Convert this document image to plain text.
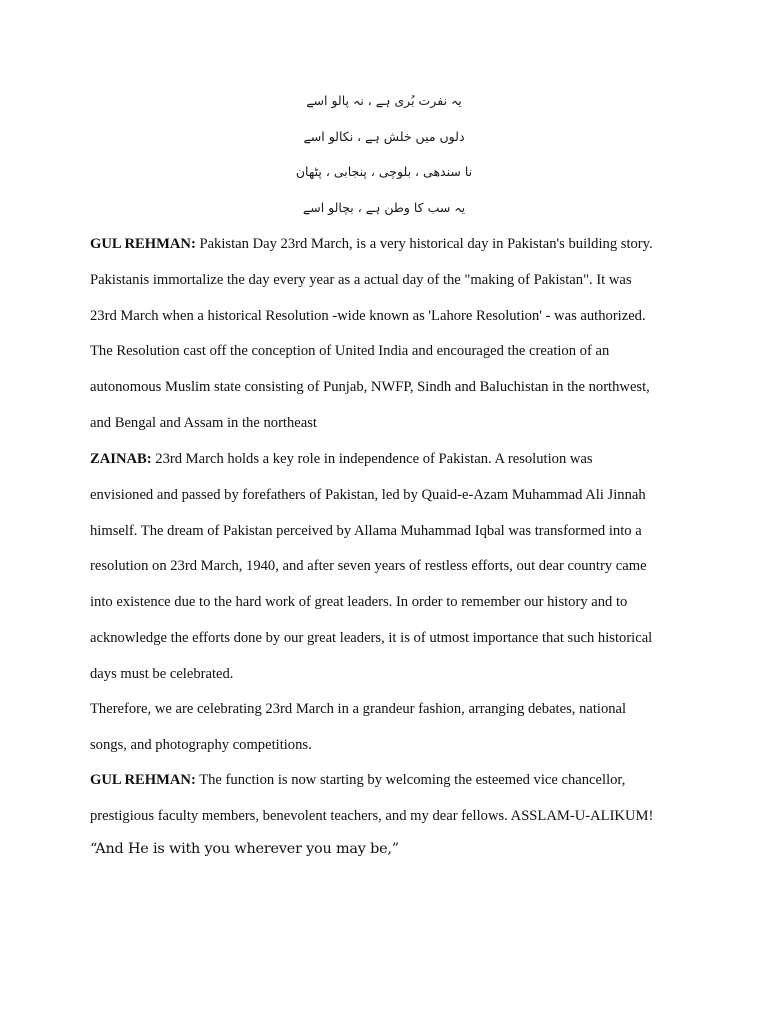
یہ نفرت بُری ہے ، نہ پالو اسے
دلوں میں خلش ہے ، نکالو اسے
نا سندھی ، بلوچی ، پنجابی ، پٹھان
یہ سب کا وطن ہے ، بچالو اسے
GUL REHMAN: Pakistan Day 23rd March, is a very historical day in Pakistan's building story.
Pakistanis immortalize the day every year as a actual day of the "making of Pakistan". It was
23rd March when a historical Resolution -wide known as 'Lahore Resolution' - was authorized.
The Resolution cast off the conception of United India and encouraged the creation of an
autonomous Muslim state consisting of Punjab, NWFP, Sindh and Baluchistan in the northwest,
and Bengal and Assam in the northeast
ZAINAB: 23rd March holds a key role in independence of Pakistan. A resolution was
envisioned and passed by forefathers of Pakistan, led by Quaid-e-Azam Muhammad Ali Jinnah
himself. The dream of Pakistan perceived by Allama Muhammad Iqbal was transformed into a
resolution on 23rd March, 1940, and after seven years of restless efforts, out dear country came
into existence due to the hard work of great leaders. In order to remember our history and to
acknowledge the efforts done by our great leaders, it is of utmost importance that such historical
days must be celebrated.
Therefore, we are celebrating 23rd March in a grandeur fashion, arranging debates, national
songs, and photography competitions.
GUL REHMAN: The function is now starting by welcoming the esteemed vice chancellor,
prestigious faculty members, benevolent teachers, and my dear fellows. ASSLAM-U-ALIKUM!
“And He is with you wherever you may be,”
